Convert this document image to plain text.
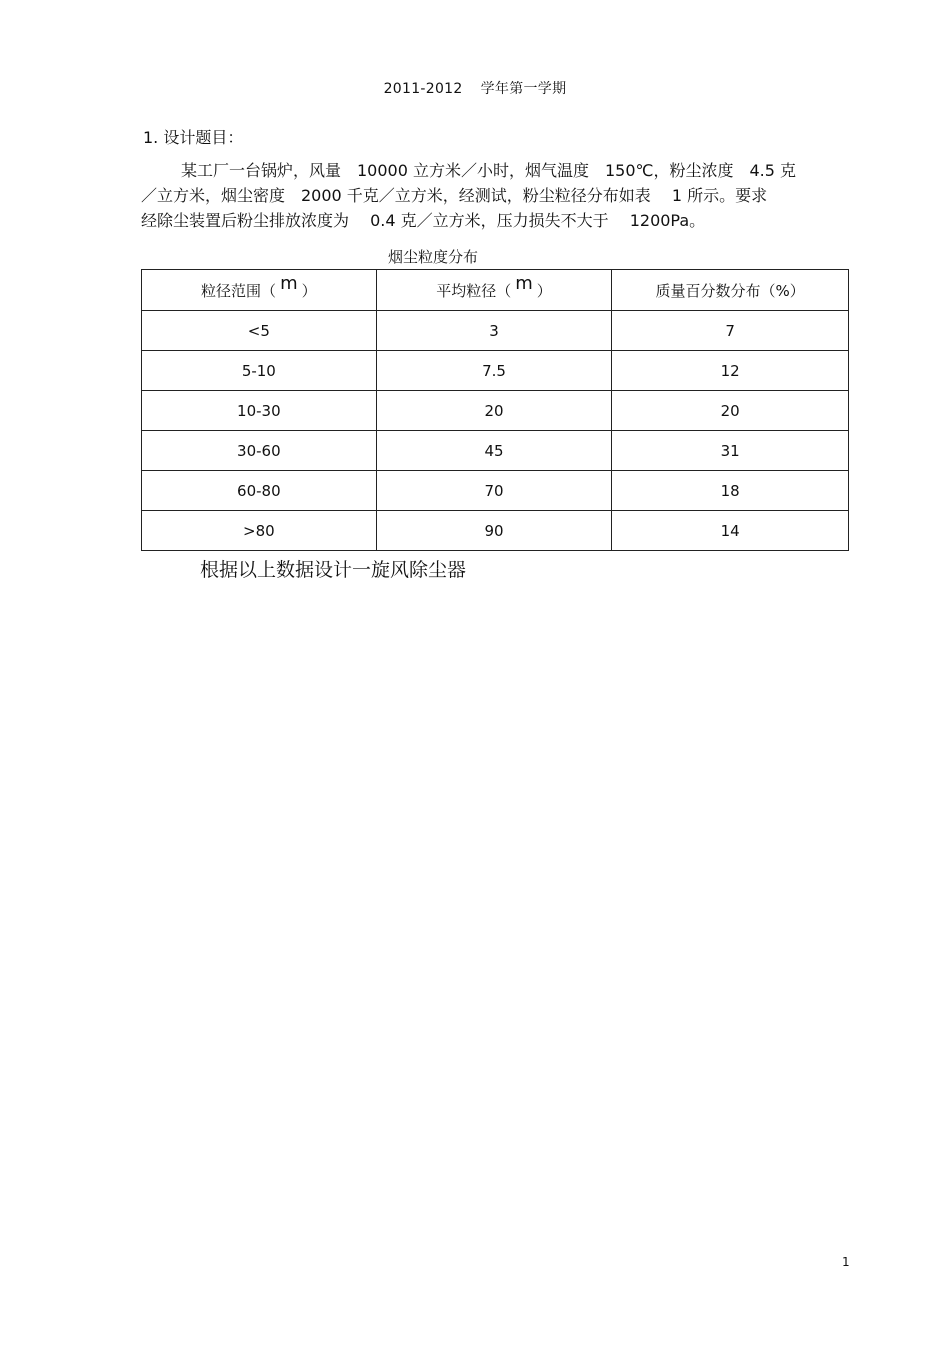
2011-2012 学年第一学期
1. 设计题目：
某工厂一台锅炉，风量　10000 立方米／小时，烟气温度　150℃，粉尘浓度　4.5 克
／立方米，烟尘密度　2000 千克／立方米，经测试，粉尘粒径分布如表　 1 所示。要求
经除尘装置后粉尘排放浓度为　 0.4 克／立方米，压力损失不大于　 1200Pa。
烟尘粒度分布
粒径范围（ m ）	平均粒径（ m ）	质量百分数分布（%）
<5	3	7
5-10	7.5	12
10-30	20	20
30-60	45	31
60-80	70	18
>80	90	14
根据以上数据设计一旋风除尘器
1
